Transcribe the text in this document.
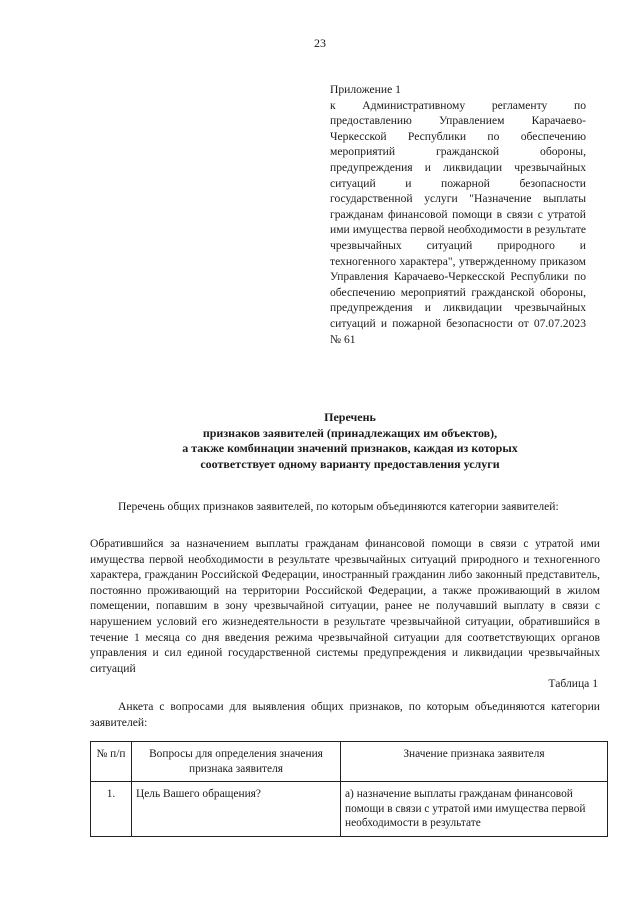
23
Приложение 1
к Административному регламенту по предоставлению Управлением Карачаево-Черкесской Республики по обеспечению мероприятий гражданской обороны, предупреждения и ликвидации чрезвычайных ситуаций и пожарной безопасности государственной услуги "Назначение выплаты гражданам финансовой помощи в связи с утратой ими имущества первой необходимости в результате чрезвычайных ситуаций природного и техногенного характера", утвержденному приказом Управления Карачаево-Черкесской Республики по обеспечению мероприятий гражданской обороны, предупреждения и ликвидации чрезвычайных ситуаций и пожарной безопасности от 07.07.2023 № 61
Перечень
признаков заявителей (принадлежащих им объектов),
а также комбинации значений признаков, каждая из которых
соответствует одному варианту предоставления услуги
Перечень общих признаков заявителей, по которым объединяются категории заявителей:
Обратившийся за назначением выплаты гражданам финансовой помощи в связи с утратой ими имущества первой необходимости в результате чрезвычайных ситуаций природного и техногенного характера, гражданин Российской Федерации, иностранный гражданин либо законный представитель, постоянно проживающий на территории Российской Федерации, а также проживающий в жилом помещении, попавшим в зону чрезвычайной ситуации, ранее не получавший выплату в связи с нарушением условий его жизнедеятельности в результате чрезвычайной ситуации, обратившийся в течение 1 месяца со дня введения режима чрезвычайной ситуации для соответствующих органов управления и сил единой государственной системы предупреждения и ликвидации чрезвычайных ситуаций
Таблица 1
Анкета с вопросами для выявления общих признаков, по которым объединяются категории заявителей:
№ п/п	Вопросы для определения значения признака заявителя	Значение признака заявителя
1.	Цель Вашего обращения?	а) назначение выплаты гражданам финансовой помощи в связи с утратой ими имущества первой необходимости в результате
